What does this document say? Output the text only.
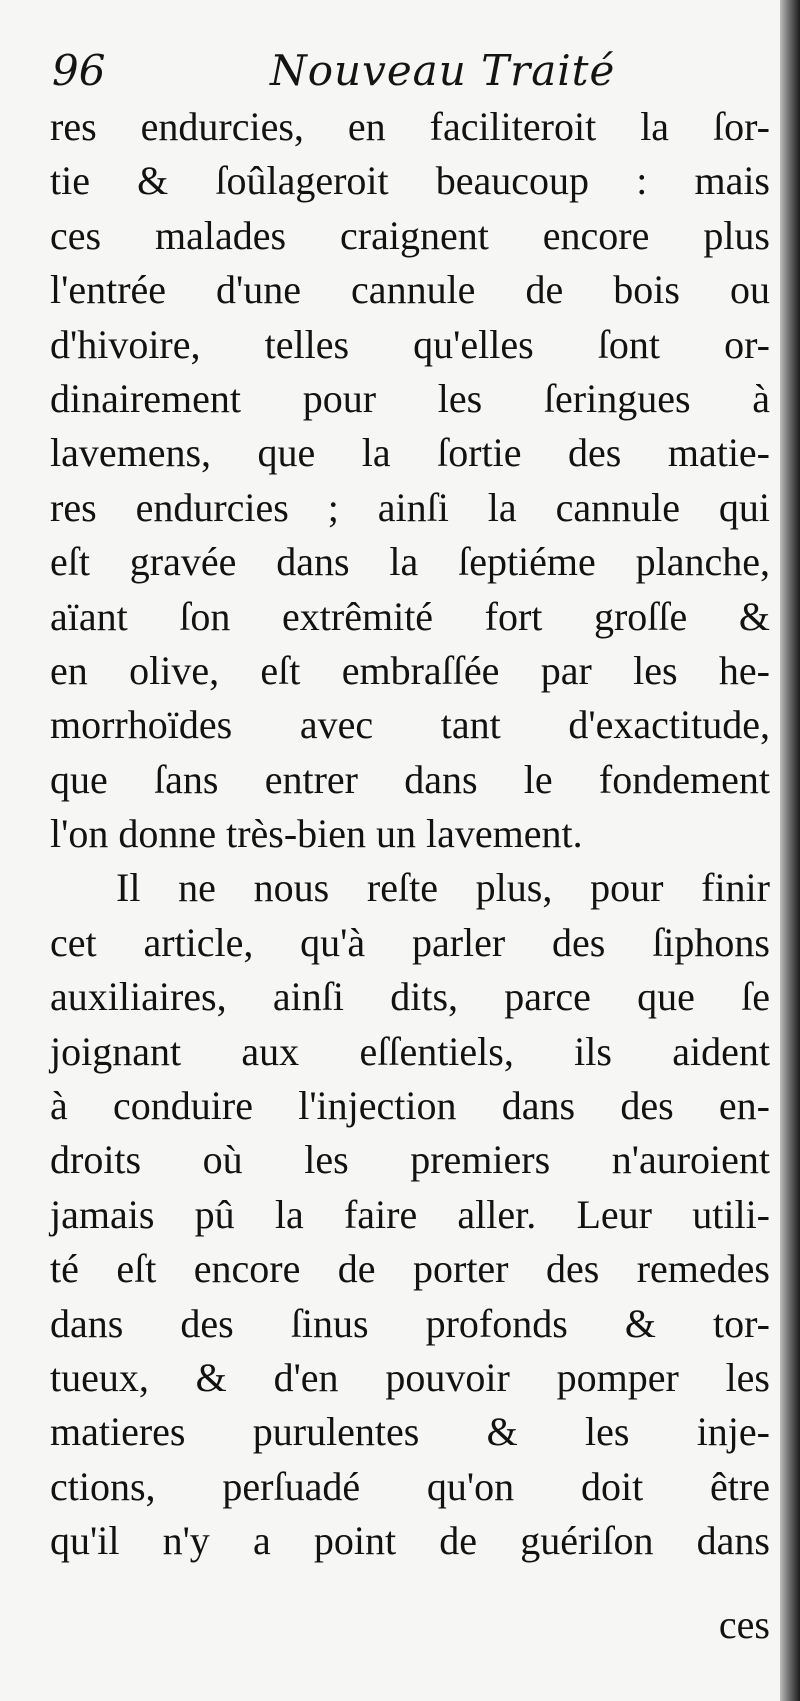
96	Nouveau Traité
res endurcies, en faciliteroit la ſor-
tie & ſoûlageroit beaucoup : mais
ces malades craignent encore plus
l'entrée d'une cannule de bois ou
d'hivoire, telles qu'elles ſont or-
dinairement pour les ſeringues à
lavemens, que la ſortie des matie-
res endurcies ; ainſi la cannule qui
eſt gravée dans la ſeptiéme planche,
aïant ſon extrêmité fort groſſe &
en olive, eſt embraſſée par les he-
morrhoïdes avec tant d'exactitude,
que ſans entrer dans le fondement
l'on donne très-bien un lavement.
Il ne nous reſte plus, pour finir
cet article, qu'à parler des ſiphons
auxiliaires, ainſi dits, parce que ſe
joignant aux eſſentiels, ils aident
à conduire l'injection dans des en-
droits où les premiers n'auroient
jamais pû la faire aller. Leur utili-
té eſt encore de porter des remedes
dans des ſinus profonds & tor-
tueux, & d'en pouvoir pomper les
matieres purulentes & les inje-
ctions, perſuadé qu'on doit être
qu'il n'y a point de guériſon dans
ces
